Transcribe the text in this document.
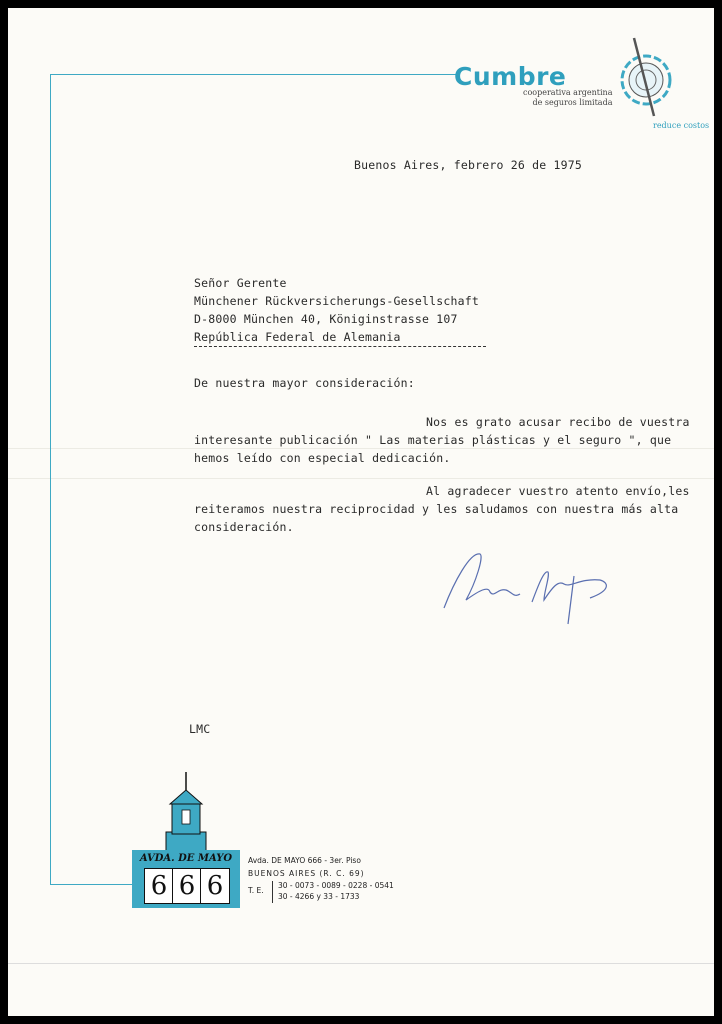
Cumbre
cooperativa argentina
de seguros limitada
reduce costos
Buenos Aires, febrero 26 de 1975
Señor Gerente
Münchener Rückversicherungs-Gesellschaft
D-8000 München 40, Königinstrasse 107
República Federal de Alemania
De nuestra mayor consideración:
Nos es grato acusar recibo de vuestra
interesante publicación " Las materias plásticas y el seguro ", que
hemos leído con especial dedicación.
Al agradecer vuestro atento envío,les
reiteramos nuestra reciprocidad y les saludamos con nuestra más alta
consideración.
LMC
AVDA. DE MAYO
6 6 6
Avda. DE MAYO 666 - 3er. Piso
BUENOS AIRES (R. C. 69)
T. E.
30 - 0073 - 0089 - 0228 - 0541
30 - 4266 y 33 - 1733
